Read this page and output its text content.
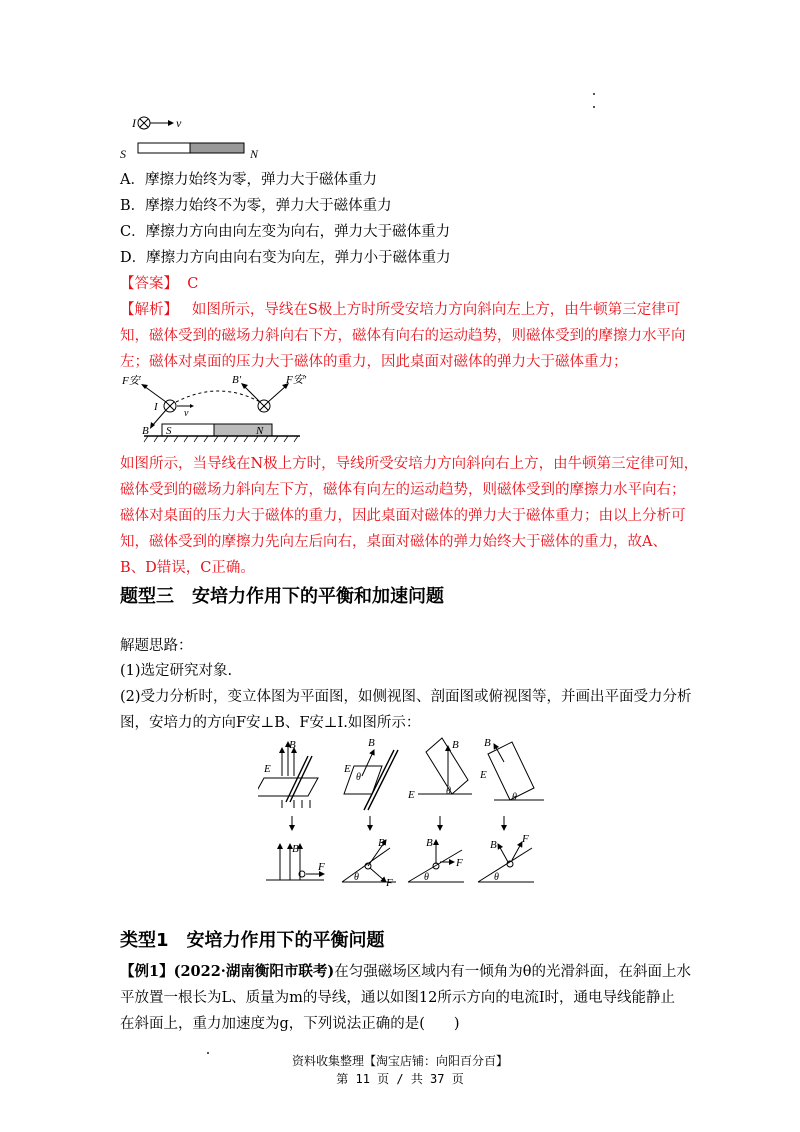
I	v
S	N
A．摩擦力始终为零，弹力大于磁体重力
B．摩擦力始终不为零，弹力大于磁体重力
C．摩擦力方向由向左变为向右，弹力大于磁体重力
D．摩擦力方向由向右变为向左，弹力小于磁体重力
【答案】 C
【解析】 如图所示，导线在S极上方时所受安培力方向斜向左上方，由牛顿第三定律可
知，磁体受到的磁场力斜向右下方，磁体有向右的运动趋势，则磁体受到的摩擦力水平向
左；磁体对桌面的压力大于磁体的重力，因此桌面对磁体的弹力大于磁体重力；
I
F安
B
v
B′	F安′
S	N
如图所示，当导线在N极上方时，导线所受安培力方向斜向右上方，由牛顿第三定律可知，
磁体受到的磁场力斜向左下方，磁体有向左的运动趋势，则磁体受到的摩擦力水平向右；
磁体对桌面的压力大于磁体的重力，因此桌面对磁体的弹力大于磁体重力；由以上分析可
知，磁体受到的摩擦力先向左后向右，桌面对磁体的弹力始终大于磁体的重力，故A、
B、D错误，C正确。
题型三　安培力作用下的平衡和加速问题
解题思路：
(1)选定研究对象.
(2)受力分析时，变立体图为平面图，如侧视图、剖面图或俯视图等，并画出平面受力分析
图，安培力的方向F安⊥B、F安⊥I.如图所示：
B
E
B
E
θ
B
E	θ
B
E
θ
B
F
B
F
θ
B
F
θ
B F
θ
类型1　安培力作用下的平衡问题
【例1】(2022·湖南衡阳市联考)在匀强磁场区域内有一倾角为θ的光滑斜面，在斜面上水
平放置一根长为L、质量为m的导线，通以如图12所示方向的电流I时，通电导线能静止
在斜面上，重力加速度为g，下列说法正确的是(　　)
资料收集整理【淘宝店铺：向阳百分百】
第 11 页 / 共 37 页
